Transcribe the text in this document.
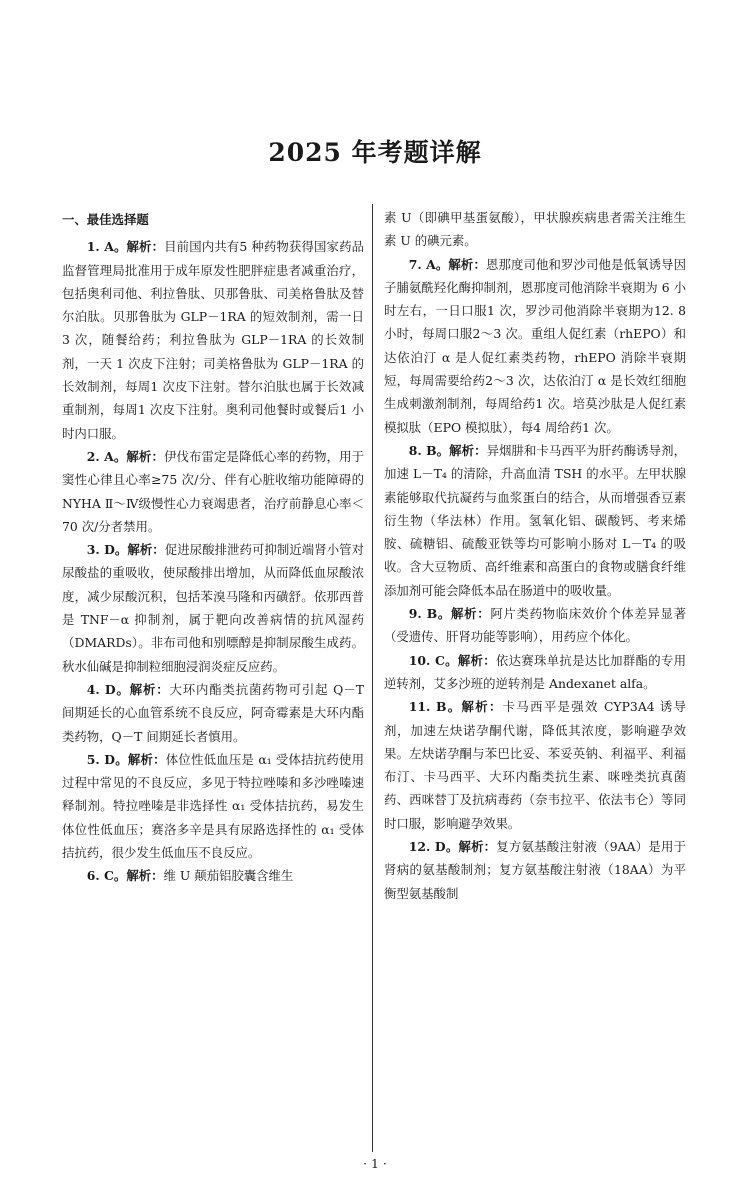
2025 年考题详解
一、最佳选择题

1. A。解析：目前国内共有5 种药物获得国家药品监督管理局批准用于成年原发性肥胖症患者减重治疗，包括奥利司他、利拉鲁肽、贝那鲁肽、司美格鲁肽及替尔泊肽。贝那鲁肽为 GLP－1RA 的短效制剂，需一日3 次，随餐给药；利拉鲁肽为 GLP－1RA 的长效制剂，一天 1 次皮下注射；司美格鲁肽为 GLP－1RA 的长效制剂，每周1 次皮下注射。替尔泊肽也属于长效减重制剂，每周1 次皮下注射。奥利司他餐时或餐后1 小时内口服。

2. A。解析：伊伐布雷定是降低心率的药物，用于窦性心律且心率≥75 次/分、伴有心脏收缩功能障碍的 NYHA Ⅱ～Ⅳ级慢性心力衰竭患者，治疗前静息心率＜70 次/分者禁用。

3. D。解析：促进尿酸排泄药可抑制近端肾小管对尿酸盐的重吸收，使尿酸排出增加，从而降低血尿酸浓度，减少尿酸沉积，包括苯溴马隆和丙磺舒。依那西普是 TNF－α 抑制剂，属于靶向改善病情的抗风湿药（DMARDs）。非布司他和别嘌醇是抑制尿酸生成药。秋水仙碱是抑制粒细胞浸润炎症反应药。

4. D。解析：大环内酯类抗菌药物可引起 Q－T 间期延长的心血管系统不良反应，阿奇霉素是大环内酯类药物，Q－T 间期延长者慎用。

5. D。解析：体位性低血压是 α₁ 受体拮抗药使用过程中常见的不良反应，多见于特拉唑嗪和多沙唑嗪速释制剂。特拉唑嗪是非选择性 α₁ 受体拮抗药，易发生体位性低血压；赛洛多辛是具有尿路选择性的 α₁ 受体拮抗药，很少发生低血压不良反应。

6. C。解析：维 U 颠茄铝胶囊含维生

素 U（即碘甲基蛋氨酸），甲状腺疾病患者需关注维生素 U 的碘元素。

7. A。解析：恩那度司他和罗沙司他是低氧诱导因子脯氨酰羟化酶抑制剂，恩那度司他消除半衰期为 6 小时左右，一日口服1 次，罗沙司他消除半衰期为12. 8 小时，每周口服2～3 次。重组人促红素（rhEPO）和达依泊汀 α 是人促红素类药物，rhEPO 消除半衰期短，每周需要给药2～3 次，达依泊汀 α 是长效红细胞生成刺激剂制剂，每周给药1 次。培莫沙肽是人促红素模拟肽（EPO 模拟肽），每4 周给药1 次。

8. B。解析：异烟肼和卡马西平为肝药酶诱导剂，加速 L－T₄ 的清除，升高血清 TSH 的水平。左甲状腺素能够取代抗凝药与血浆蛋白的结合，从而增强香豆素衍生物（华法林）作用。氢氧化铝、碳酸钙、考来烯胺、硫糖铝、硫酸亚铁等均可影响小肠对 L－T₄ 的吸收。含大豆物质、高纤维素和高蛋白的食物或膳食纤维添加剂可能会降低本品在肠道中的吸收量。

9. B。解析：阿片类药物临床效价个体差异显著（受遗传、肝肾功能等影响），用药应个体化。

10. C。解析：依达赛珠单抗是达比加群酯的专用逆转剂，艾多沙班的逆转剂是 Andexanet alfa。

11. B。解析：卡马西平是强效 CYP3A4 诱导剂，加速左炔诺孕酮代谢，降低其浓度，影响避孕效果。左炔诺孕酮与苯巴比妥、苯妥英钠、利福平、利福布汀、卡马西平、大环内酯类抗生素、咪唑类抗真菌药、西咪替丁及抗病毒药（奈韦拉平、依法韦仑）等同时口服，影响避孕效果。

12. D。解析：复方氨基酸注射液（9AA）是用于肾病的氨基酸制剂；复方氨基酸注射液（18AA）为平衡型氨基酸制

· 1 ·
